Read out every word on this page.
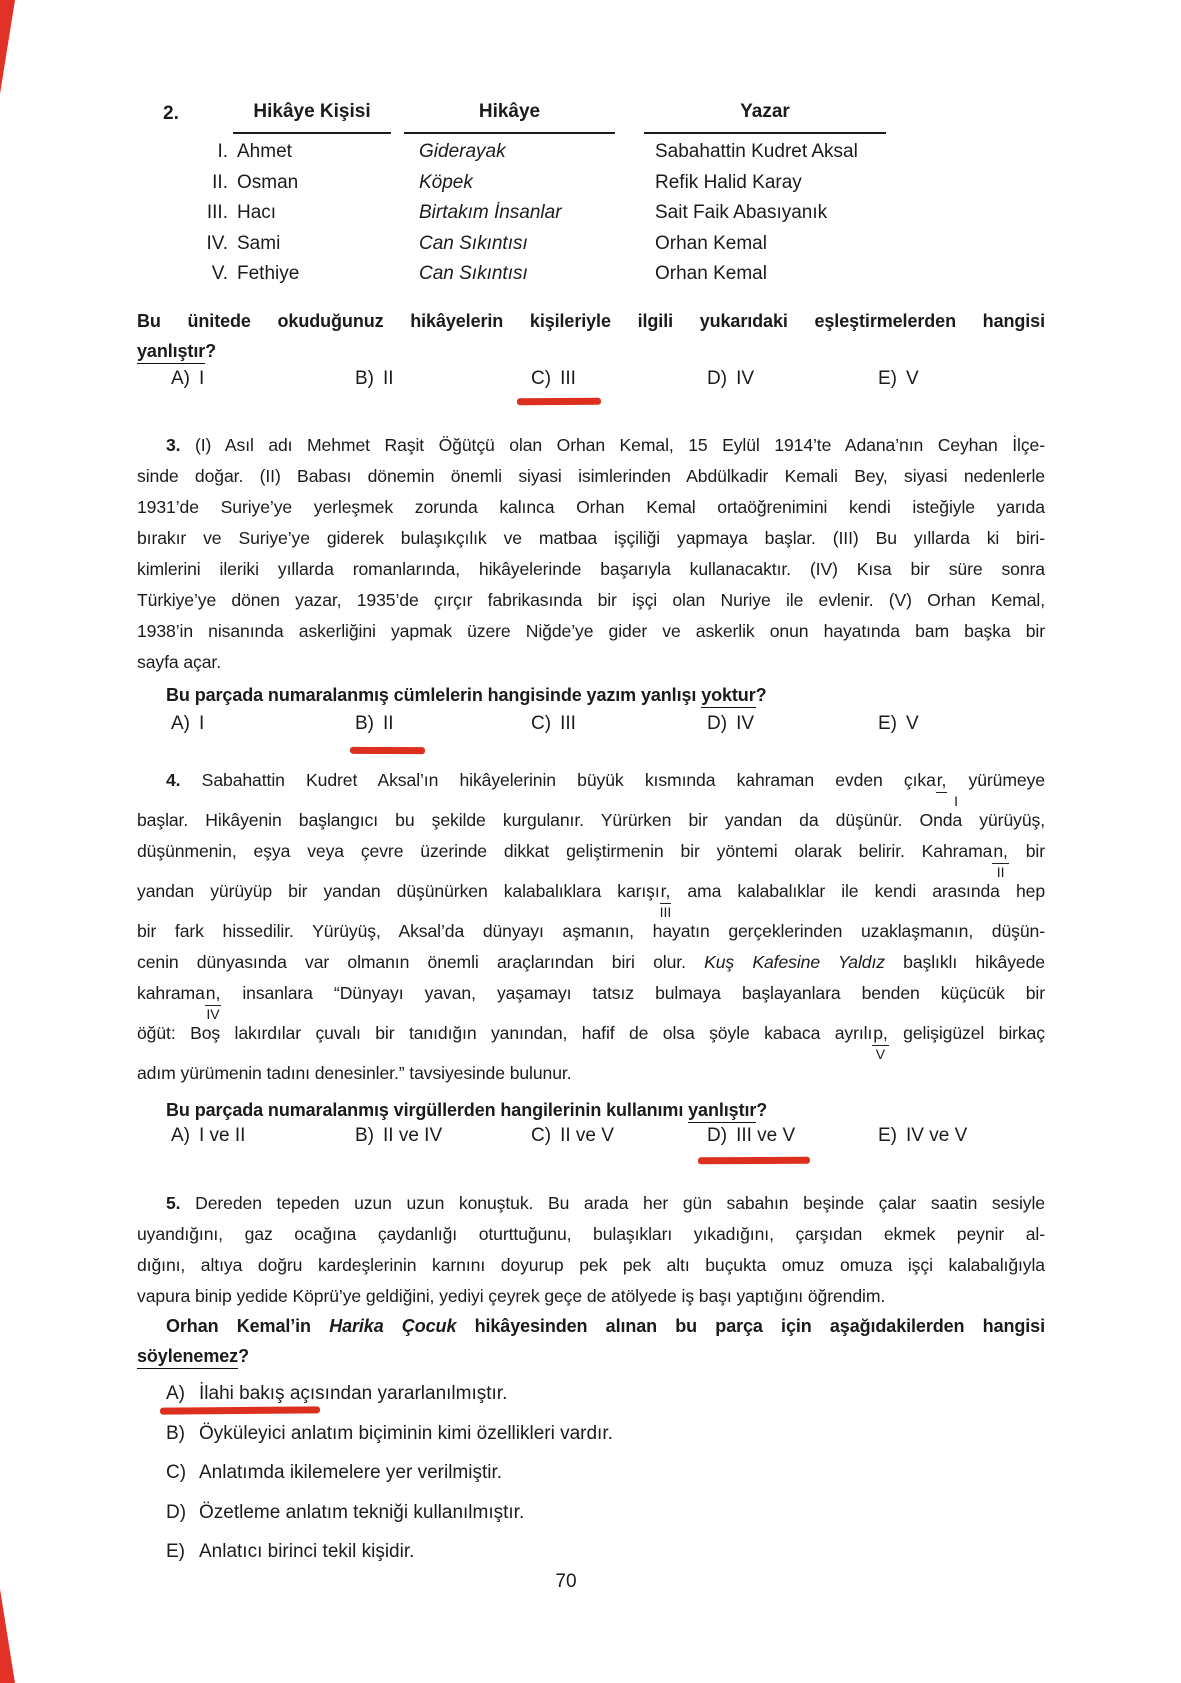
2.	Hikâye Kişisi	Hikâye	Yazar
I. Ahmet	Giderayak	Sabahattin Kudret Aksal
II. Osman	Köpek	Refik Halid Karay
III. Hacı	Birtakım İnsanlar	Sait Faik Abasıyanık
IV. Sami	Can Sıkıntısı	Orhan Kemal
V. Fethiye	Can Sıkıntısı	Orhan Kemal
Bu ünitede okuduğunuz hikâyelerin kişileriyle ilgili yukarıdaki eşleştirmelerden hangisi
yanlıştır?
A) I	B) II	C) III	D) IV	E) V
3. (I) Asıl adı Mehmet Raşit Öğütçü olan Orhan Kemal, 15 Eylül 1914’te Adana’nın Ceyhan İlçe-
sinde doğar. (II) Babası dönemin önemli siyasi isimlerinden Abdülkadir Kemali Bey, siyasi nedenlerle
1931’de Suriye’ye yerleşmek zorunda kalınca Orhan Kemal ortaöğrenimini kendi isteğiyle yarıda
bırakır ve Suriye’ye giderek bulaşıkçılık ve matbaa işçiliği yapmaya başlar. (III) Bu yıllarda ki biri-
kimlerini ileriki yıllarda romanlarında, hikâyelerinde başarıyla kullanacaktır. (IV) Kısa bir süre sonra
Türkiye’ye dönen yazar, 1935’de çırçır fabrikasında bir işçi olan Nuriye ile evlenir. (V) Orhan Kemal,
1938’in nisanında askerliğini yapmak üzere Niğde’ye gider ve askerlik onun hayatında bam başka bir
sayfa açar.
Bu parçada numaralanmış cümlelerin hangisinde yazım yanlışı yoktur?
A) I	B) II	C) III	D) IV	E) V
4. Sabahattin Kudret Aksal’ın hikâyelerinin büyük kısmında kahraman evden çıkar,
I
yürümeye
başlar. Hikâyenin başlangıcı bu şekilde kurgulanır. Yürürken bir yandan da düşünür. Onda yürüyüş,
düşünmenin, eşya veya çevre üzerinde dikkat geliştirmenin bir yöntemi olarak belirir. Kahraman,
II
bir
yandan yürüyüp bir yandan düşünürken kalabalıklara karışır,
III
ama kalabalıklar ile kendi arasında hep
bir fark hissedilir. Yürüyüş, Aksal’da dünyayı aşmanın, hayatın gerçeklerinden uzaklaşmanın, düşün-
cenin dünyasında var olmanın önemli araçlarından biri olur. Kuş Kafesine Yaldız başlıklı hikâyede
kahraman,
IV
insanlara “Dünyayı yavan, yaşamayı tatsız bulmaya başlayanlara benden küçücük bir
öğüt: Boş lakırdılar çuvalı bir tanıdığın yanından, hafif de olsa şöyle kabaca ayrılıp,
V
gelişigüzel birkaç
adım yürümenin tadını denesinler.” tavsiyesinde bulunur.
Bu parçada numaralanmış virgüllerden hangilerinin kullanımı yanlıştır?
A) I ve II	B) II ve IV	C) II ve V	D) III ve V	E) IV ve V
5. Dereden tepeden uzun uzun konuştuk. Bu arada her gün sabahın beşinde çalar saatin sesiyle
uyandığını, gaz ocağına çaydanlığı oturttuğunu, bulaşıkları yıkadığını, çarşıdan ekmek peynir al-
dığını, altıya doğru kardeşlerinin karnını doyurup pek pek altı buçukta omuz omuza işçi kalabalığıyla
vapura binip yedide Köprü’ye geldiğini, yediyi çeyrek geçe de atölyede iş başı yaptığını öğrendim.
Orhan Kemal’in Harika Çocuk hikâyesinden alınan bu parça için aşağıdakilerden hangisi
söylenemez?
A) İlahi bakış açısından yararlanılmıştır.
B) Öyküleyici anlatım biçiminin kimi özellikleri vardır.
C) Anlatımda ikilemelere yer verilmiştir.
D) Özetleme anlatım tekniği kullanılmıştır.
E) Anlatıcı birinci tekil kişidir.
70
